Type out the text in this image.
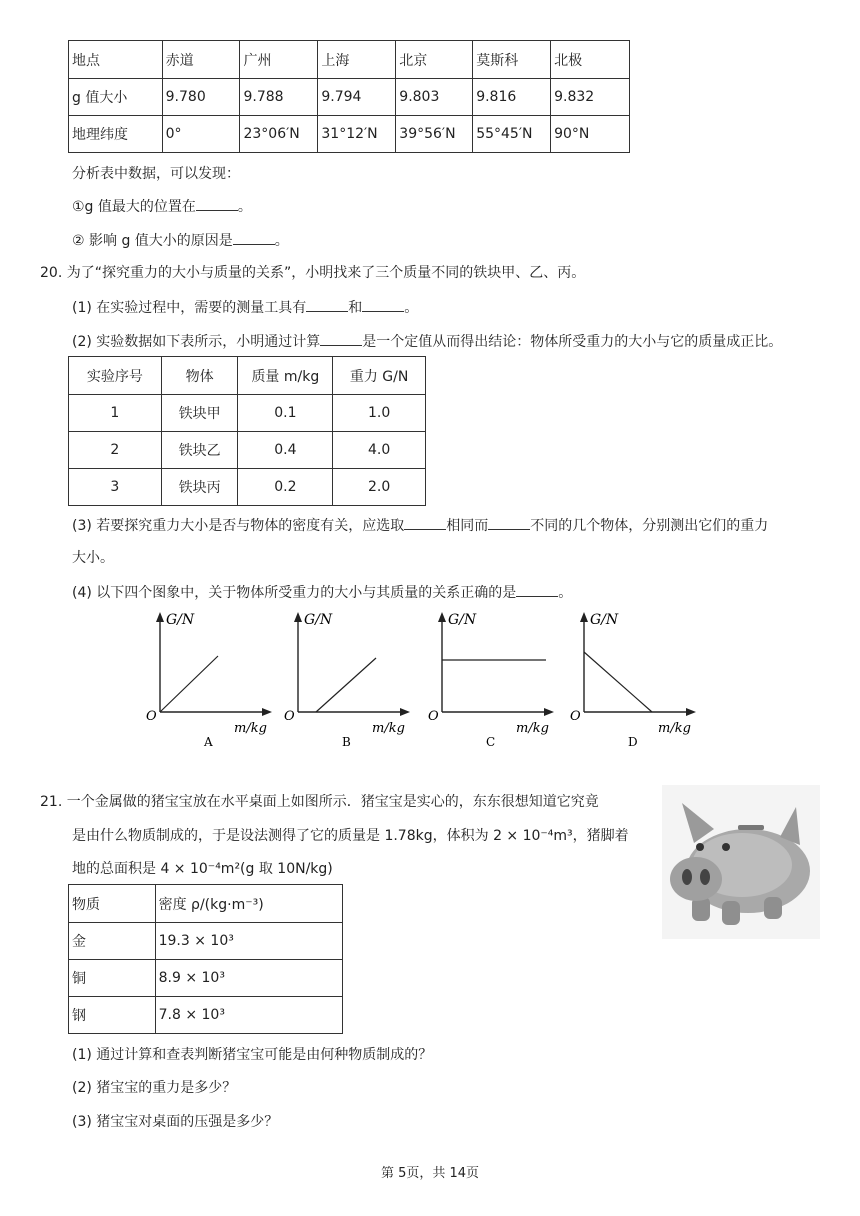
地点	赤道	广州	上海	北京	莫斯科	北极
g 值大小	9.780	9.788	9.794	9.803	9.816	9.832
地理纬度	0°	23°06′N	31°12′N	39°56′N	55°45′N	90°N
分析表中数据，可以发现：
①g 值最大的位置在	。
② 影响 g 值大小的原因是	。
20. 为了“探究重力的大小与质量的关系”，小明找来了三个质量不同的铁块甲、乙、丙。
(1) 在实验过程中，需要的测量工具有	和	。
(2) 实验数据如下表所示，小明通过计算	是一个定值从而得出结论：物体所受重力的大小与它的质量成正比。
实验序号	物体	质量 m/kg	重力 G/N
1	铁块甲	0.1	1.0
2	铁块乙	0.4	4.0
3	铁块丙	0.2	2.0
(3) 若要探究重力大小是否与物体的密度有关，应选取	相同而	不同的几个物体，分别测出它们的重力
大小。
(4) 以下四个图象中，关于物体所受重力的大小与其质量的关系正确的是	。
G/N
m/kg
O
A
G/N
m/kg
O
B
G/N
m/kg
O
C
G/N
m/kg
O
D
21. 一个金属做的猪宝宝放在水平桌面上如图所示．猪宝宝是实心的，东东很想知道它究竟
是由什么物质制成的，于是设法测得了它的质量是 1.78kg，体积为 2 × 10⁻⁴m³，猪脚着
地的总面积是 4 × 10⁻⁴m²(g 取 10N/kg)
物质	密度 ρ/(kg·m⁻³)
金	19.3 × 10³
铜	8.9 × 10³
钢	7.8 × 10³
(1) 通过计算和查表判断猪宝宝可能是由何种物质制成的？
(2) 猪宝宝的重力是多少？
(3) 猪宝宝对桌面的压强是多少？
第 5页，共 14页
